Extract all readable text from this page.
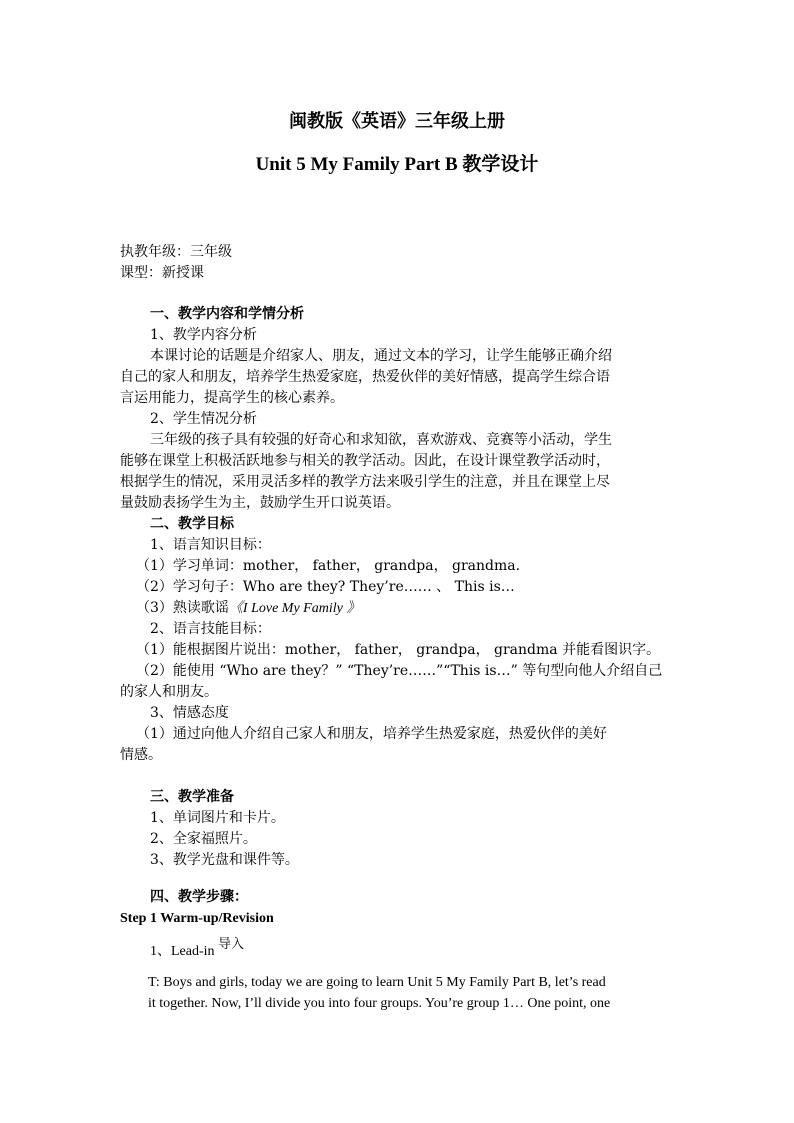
闽教版《英语》三年级上册
Unit 5 My Family Part B 教学设计
执教年级：三年级
课型：新授课
一、教学内容和学情分析
1、教学内容分析
本课讨论的话题是介绍家人、朋友，通过文本的学习，让学生能够正确介绍
自己的家人和朋友，培养学生热爱家庭，热爱伙伴的美好情感，提高学生综合语
言运用能力，提高学生的核心素养。
2、学生情况分析
三年级的孩子具有较强的好奇心和求知欲，喜欢游戏、竞赛等小活动，学生
能够在课堂上积极活跃地参与相关的教学活动。因此，在设计课堂教学活动时，
根据学生的情况，采用灵活多样的教学方法来吸引学生的注意，并且在课堂上尽
量鼓励表扬学生为主，鼓励学生开口说英语。
二、教学目标
1、语言知识目标：
（1）学习单词：mother， father， grandpa， grandma.
（2）学习句子：Who are they? They’re…… 、 This is…
（3）熟读歌谣《I Love My Family 》
2、语言技能目标：
（1）能根据图片说出：mother， father， grandpa， grandma 并能看图识字。
（2）能使用 “Who are they？” “They’re……”“This is…” 等句型向他人介绍自己
的家人和朋友。
3、情感态度
（1）通过向他人介绍自己家人和朋友，培养学生热爱家庭，热爱伙伴的美好
情感。
三、教学准备
1、单词图片和卡片。
2、全家福照片。
3、教学光盘和课件等。
四、教学步骤：
Step 1 Warm-up/Revision
1、Lead-in 导入
T: Boys and girls, today we are going to learn Unit 5 My Family Part B, let’s read
it together. Now, I’ll divide you into four groups. You’re group 1… One point, one
